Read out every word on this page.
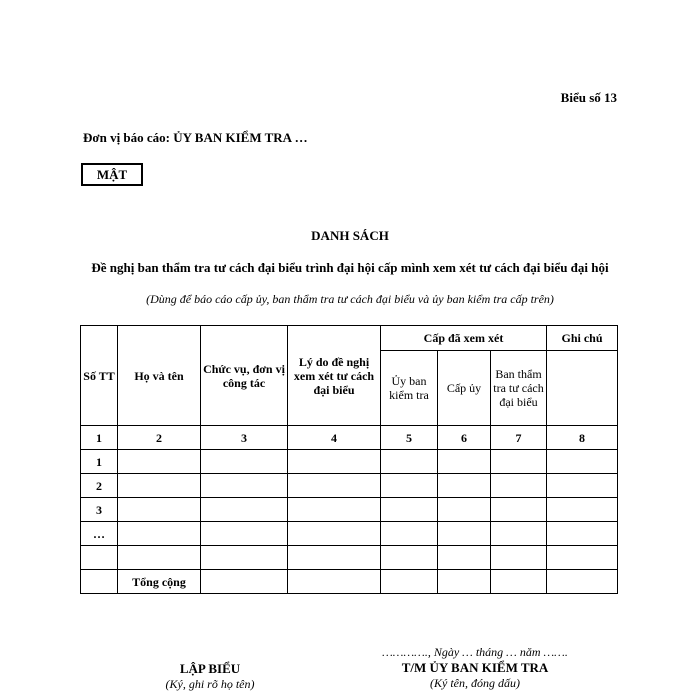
Biểu số 13
Đơn vị báo cáo: ỦY BAN KIỂM TRA …
MẬT
DANH SÁCH
Đề nghị ban thẩm tra tư cách đại biểu trình đại hội cấp mình xem xét tư cách đại biểu đại hội
(Dùng để báo cáo cấp ủy, ban thẩm tra tư cách đại biểu và ủy ban kiểm tra cấp trên)
Số TT	Họ và tên	Chức vụ, đơn vị công tác	Lý do đề nghị xem xét tư cách đại biểu	Cấp đã xem xét			Ghi chú
				Ủy ban kiểm tra	Cấp ủy	Ban thẩm tra tư cách đại biểu	
1	2	3	4	5	6	7	8
1							
2							
3							
…							

	Tổng cộng						
LẬP BIỂU
(Ký, ghi rõ họ tên)
…………., Ngày … tháng … năm …….
T/M ỦY BAN KIỂM TRA
(Ký tên, đóng dấu)
